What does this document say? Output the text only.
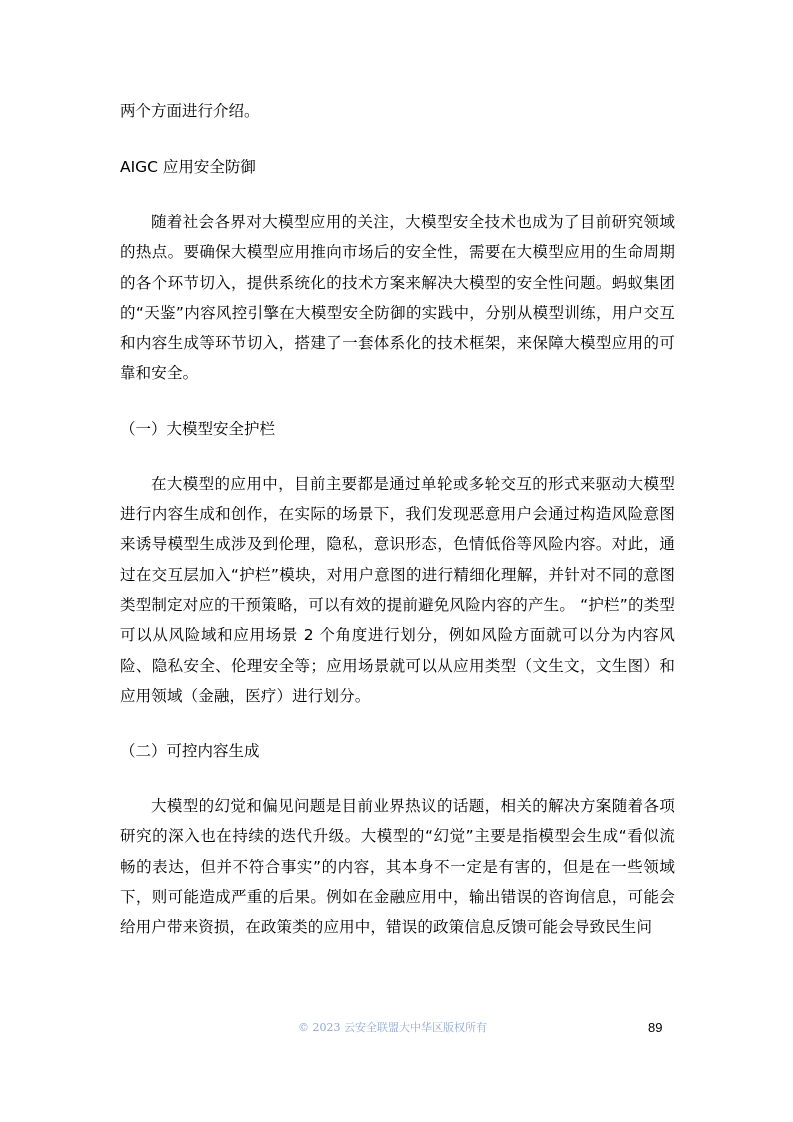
两个方面进行介绍。
AIGC 应用安全防御
随着社会各界对大模型应用的关注，大模型安全技术也成为了目前研究领域的热点。要确保大模型应用推向市场后的安全性，需要在大模型应用的生命周期的各个环节切入，提供系统化的技术方案来解决大模型的安全性问题。蚂蚁集团的“天鉴”内容风控引擎在大模型安全防御的实践中，分别从模型训练，用户交互和内容生成等环节切入，搭建了一套体系化的技术框架，来保障大模型应用的可靠和安全。
（一）大模型安全护栏
在大模型的应用中，目前主要都是通过单轮或多轮交互的形式来驱动大模型进行内容生成和创作，在实际的场景下，我们发现恶意用户会通过构造风险意图来诱导模型生成涉及到伦理，隐私，意识形态，色情低俗等风险内容。对此，通过在交互层加入“护栏”模块，对用户意图的进行精细化理解，并针对不同的意图类型制定对应的干预策略，可以有效的提前避免风险内容的产生。 “护栏”的类型可以从风险域和应用场景 2 个角度进行划分，例如风险方面就可以分为内容风险、隐私安全、伦理安全等；应用场景就可以从应用类型（文生文，文生图）和应用领域（金融，医疗）进行划分。
（二）可控内容生成
大模型的幻觉和偏见问题是目前业界热议的话题，相关的解决方案随着各项研究的深入也在持续的迭代升级。大模型的“幻觉”主要是指模型会生成“看似流畅的表达，但并不符合事实”的内容，其本身不一定是有害的，但是在一些领域下，则可能造成严重的后果。例如在金融应用中，输出错误的咨询信息，可能会给用户带来资损，在政策类的应用中，错误的政策信息反馈可能会导致民生问
© 2023 云安全联盟大中华区版权所有	89
